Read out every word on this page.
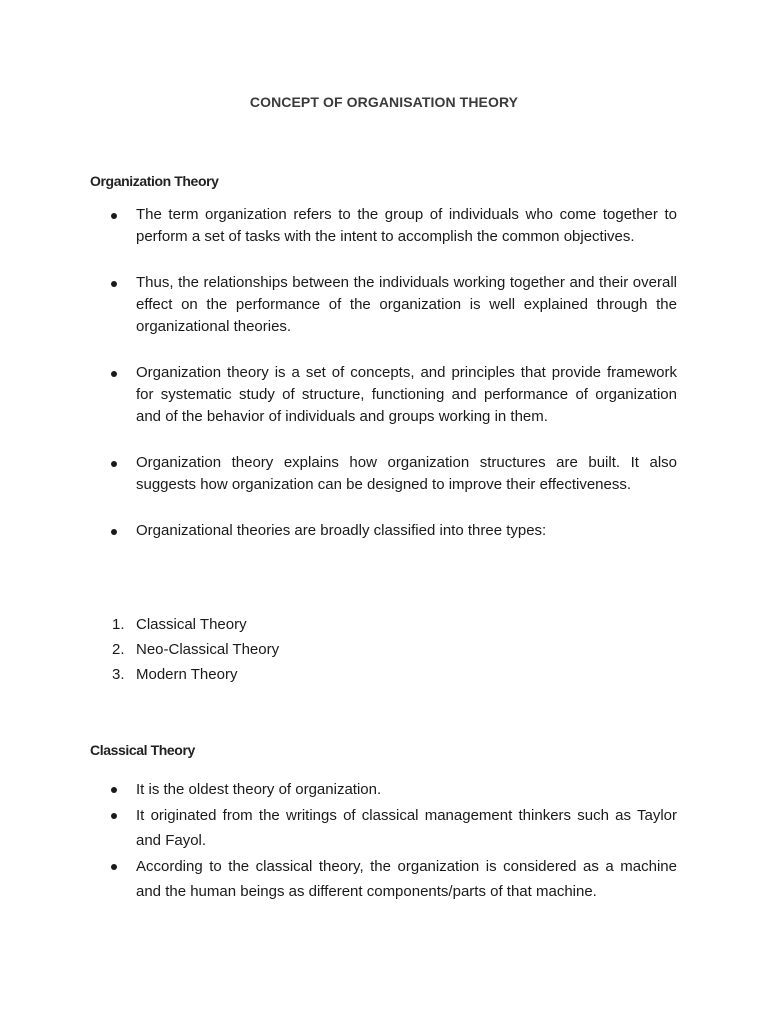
CONCEPT OF ORGANISATION THEORY
Organization Theory
The term organization refers to the group of individuals who come together to perform a set of tasks with the intent to accomplish the common objectives.
Thus, the relationships between the individuals working together and their overall effect on the performance of the organization is well explained through the organizational theories.
Organization theory is a set of concepts, and principles that provide framework for systematic study of structure, functioning and performance of organization and of the behavior of individuals and groups working in them.
Organization theory explains how organization structures are built. It also suggests how organization can be designed to improve their effectiveness.
Organizational theories are broadly classified into three types:
1. Classical Theory
2. Neo-Classical Theory
3. Modern Theory
Classical Theory
It is the oldest theory of organization.
It originated from the writings of classical management thinkers such as Taylor and Fayol.
According to the classical theory, the organization is considered as a machine and the human beings as different components/parts of that machine.
